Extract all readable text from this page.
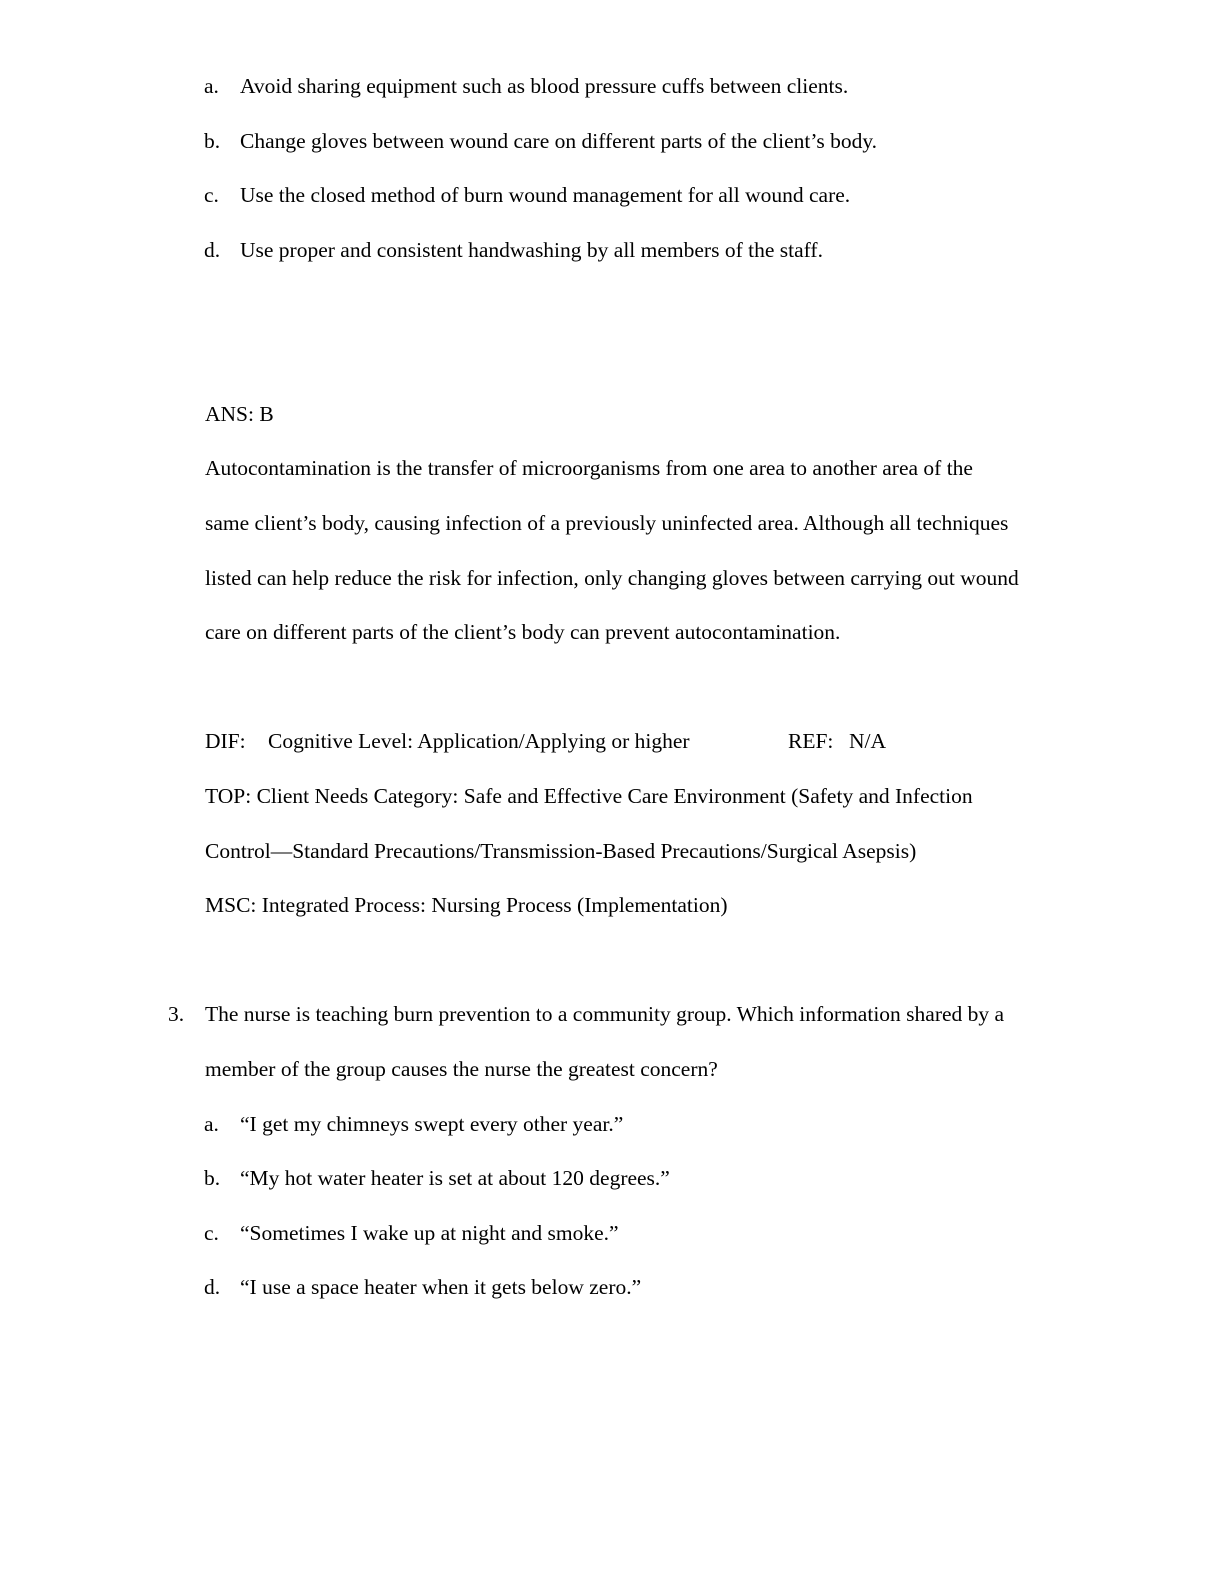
a. Avoid sharing equipment such as blood pressure cuffs between clients.
b. Change gloves between wound care on different parts of the client’s body.
c. Use the closed method of burn wound management for all wound care.
d. Use proper and consistent handwashing by all members of the staff.
ANS: B
Autocontamination is the transfer of microorganisms from one area to another area of the
same client’s body, causing infection of a previously uninfected area. Although all techniques
listed can help reduce the risk for infection, only changing gloves between carrying out wound
care on different parts of the client’s body can prevent autocontamination.
DIF: Cognitive Level: Application/Applying or higher	REF: N/A
TOP: Client Needs Category: Safe and Effective Care Environment (Safety and Infection
Control—Standard Precautions/Transmission-Based Precautions/Surgical Asepsis)
MSC: Integrated Process: Nursing Process (Implementation)
3. The nurse is teaching burn prevention to a community group. Which information shared by a
member of the group causes the nurse the greatest concern?
a. “I get my chimneys swept every other year.”
b. “My hot water heater is set at about 120 degrees.”
c. “Sometimes I wake up at night and smoke.”
d. “I use a space heater when it gets below zero.”
